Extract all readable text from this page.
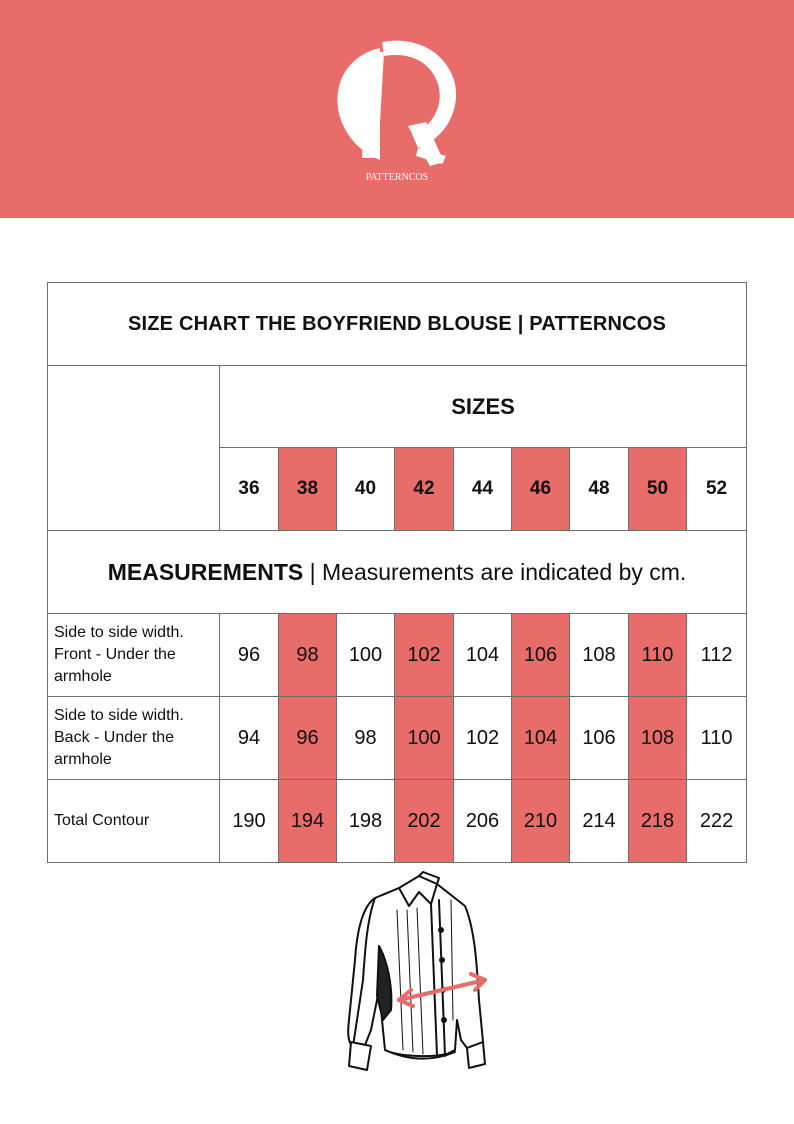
PATTERNCOS
SIZE CHART THE BOYFRIEND BLOUSE | PATTERNCOS									
	SIZES								
	36	38	40	42	44	46	48	50	52
MEASUREMENTS | Measurements are indicated by cm.									
Side to side width. Front - Under the armhole	96	98	100	102	104	106	108	110	112
Side to side width. Back - Under the armhole	94	96	98	100	102	104	106	108	110
Total Contour	190	194	198	202	206	210	214	218	222
